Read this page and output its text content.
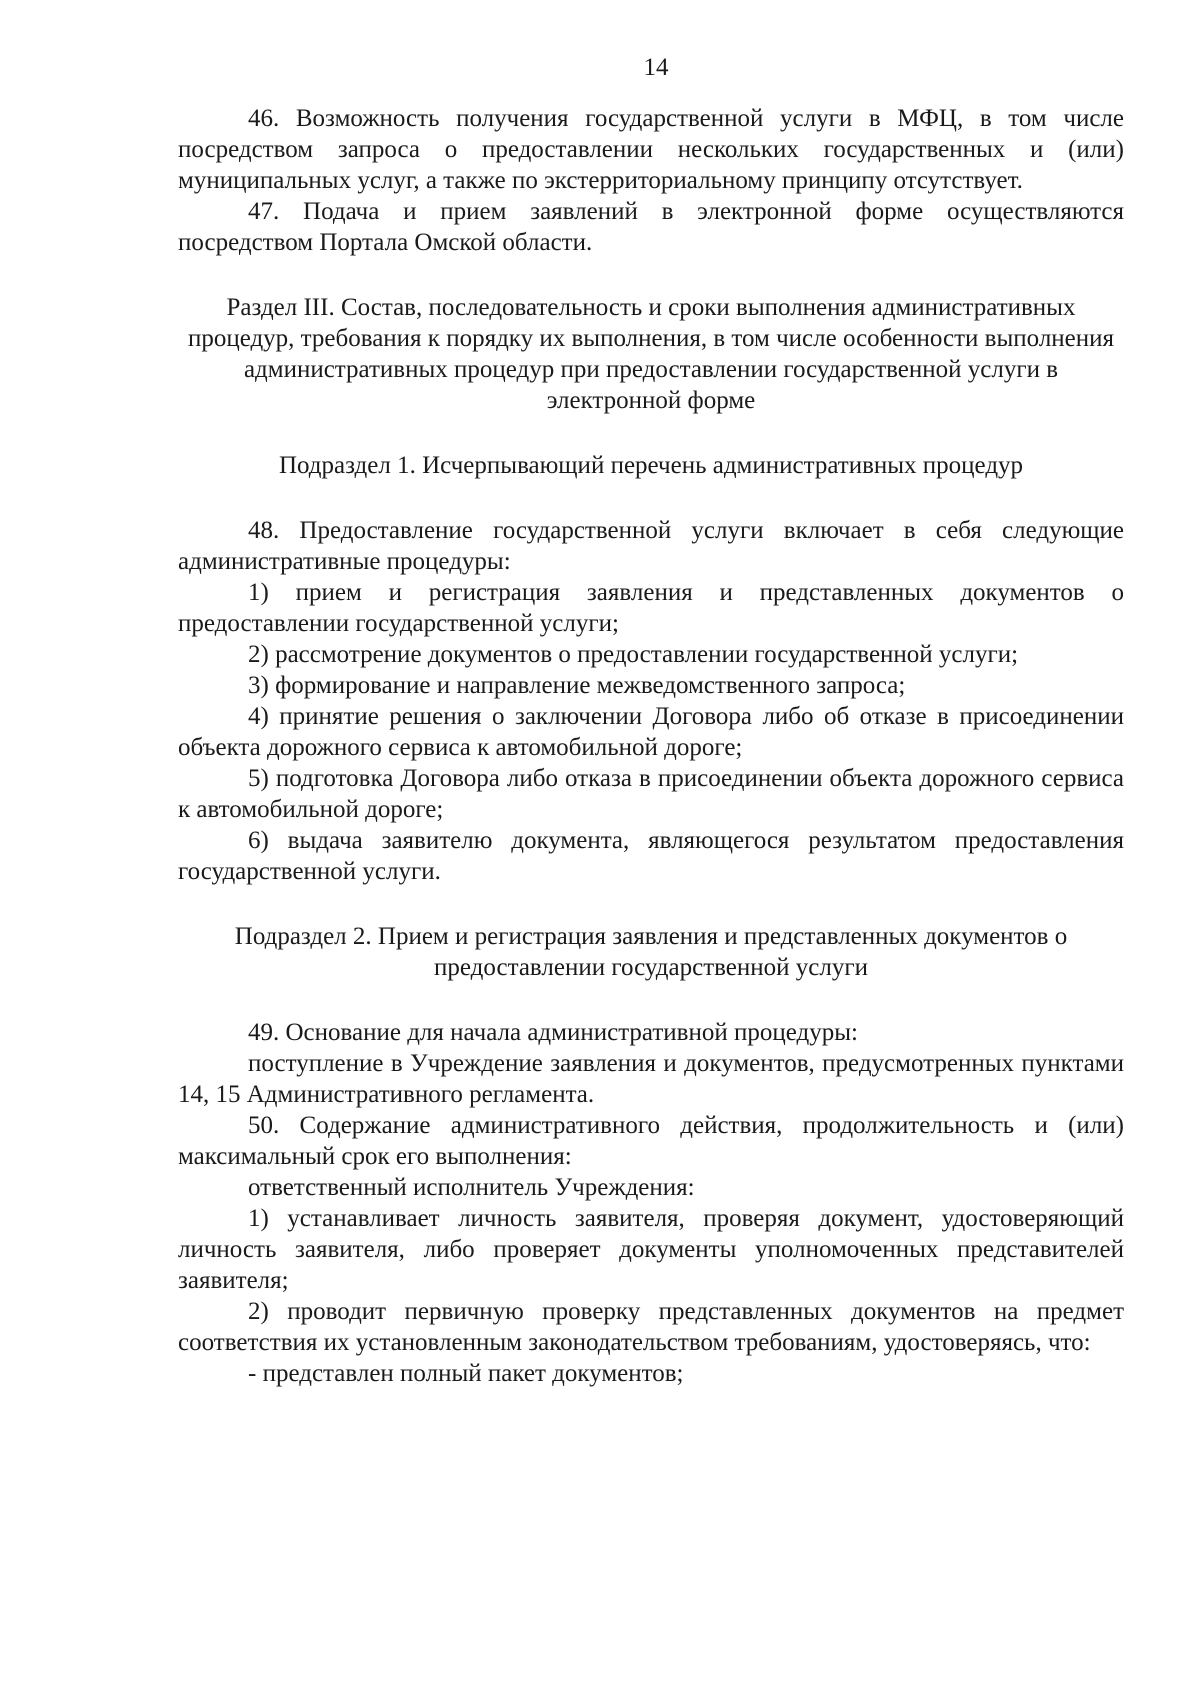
14

46. Возможность получения государственной услуги в МФЦ, в том числе посредством запроса о предоставлении нескольких государственных и (или) муниципальных услуг, а также по экстерриториальному принципу отсутствует.

47. Подача и прием заявлений в электронной форме осуществляются посредством Портала Омской области.

Раздел III. Состав, последовательность и сроки выполнения административных процедур, требования к порядку их выполнения, в том числе особенности выполнения административных процедур при предоставлении государственной услуги в электронной форме

Подраздел 1. Исчерпывающий перечень административных процедур

48. Предоставление государственной услуги включает в себя следующие административные процедуры:

1) прием и регистрация заявления и представленных документов о предоставлении государственной услуги;

2) рассмотрение документов о предоставлении государственной услуги;

3) формирование и направление межведомственного запроса;

4) принятие решения о заключении Договора либо об отказе в присоединении объекта дорожного сервиса к автомобильной дороге;

5) подготовка Договора либо отказа в присоединении объекта дорожного сервиса к автомобильной дороге;

6) выдача заявителю документа, являющегося результатом предоставления государственной услуги.

Подраздел 2. Прием и регистрация заявления и представленных документов о предоставлении государственной услуги

49. Основание для начала административной процедуры:

поступление в Учреждение заявления и документов, предусмотренных пунктами 14, 15 Административного регламента.

50. Содержание административного действия, продолжительность и (или) максимальный срок его выполнения:

ответственный исполнитель Учреждения:

1) устанавливает личность заявителя, проверяя документ, удостоверяющий личность заявителя, либо проверяет документы уполномоченных представителей заявителя;

2) проводит первичную проверку представленных документов на предмет соответствия их установленным законодательством требованиям, удостоверяясь, что:

- представлен полный пакет документов;
